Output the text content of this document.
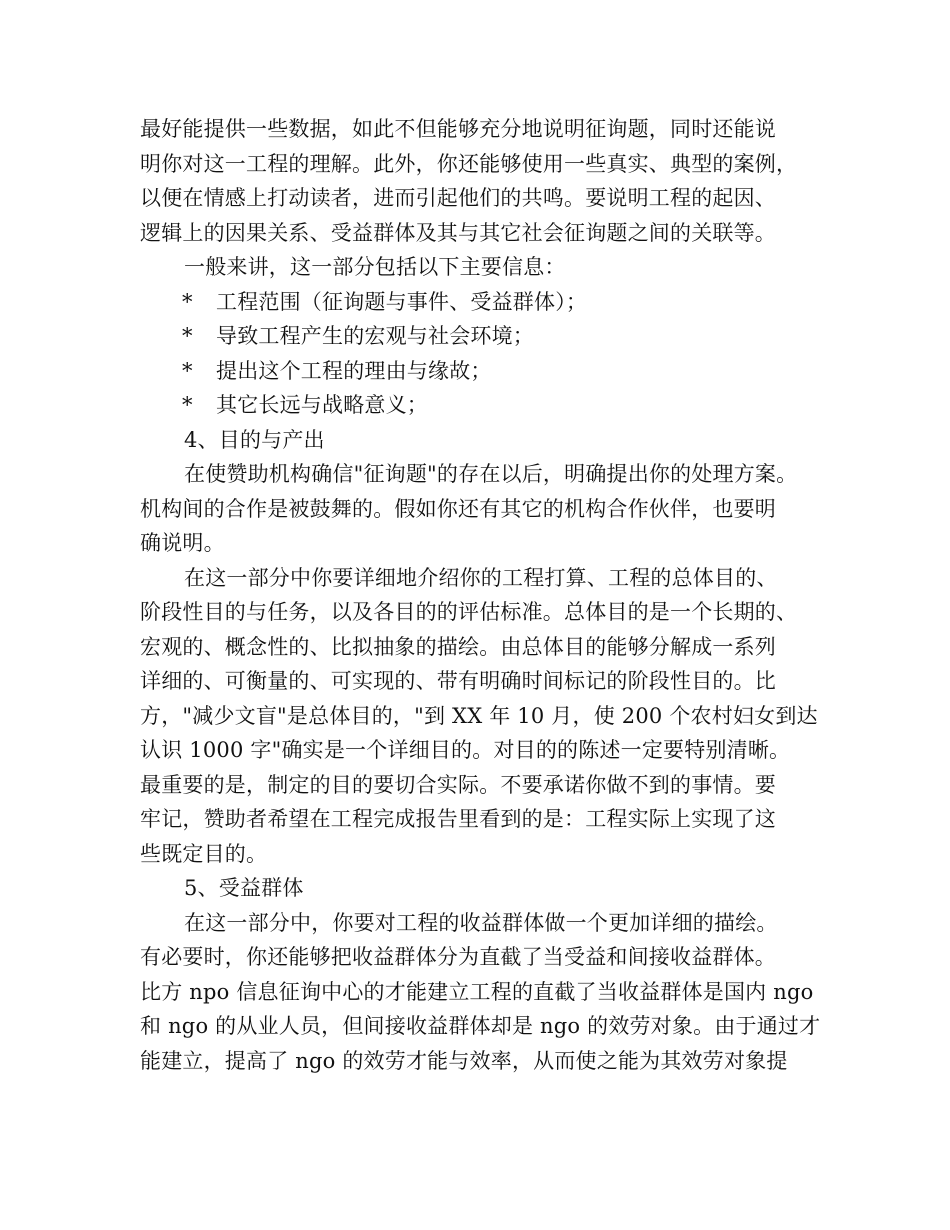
最好能提供一些数据，如此不但能够充分地说明征询题，同时还能说
明你对这一工程的理解。此外，你还能够使用一些真实、典型的案例，
以便在情感上打动读者，进而引起他们的共鸣。要说明工程的起因、
逻辑上的因果关系、受益群体及其与其它社会征询题之间的关联等。
一般来讲，这一部分包括以下主要信息：
* 工程范围（征询题与事件、受益群体）；
* 导致工程产生的宏观与社会环境；
* 提出这个工程的理由与缘故；
* 其它长远与战略意义；
4、目的与产出
在使赞助机构确信"征询题"的存在以后，明确提出你的处理方案。
机构间的合作是被鼓舞的。假如你还有其它的机构合作伙伴，也要明
确说明。
在这一部分中你要详细地介绍你的工程打算、工程的总体目的、
阶段性目的与任务，以及各目的的评估标准。总体目的是一个长期的、
宏观的、概念性的、比拟抽象的描绘。由总体目的能够分解成一系列
详细的、可衡量的、可实现的、带有明确时间标记的阶段性目的。比
方，"减少文盲"是总体目的，"到 XX 年 10 月，使 200 个农村妇女到达
认识 1000 字"确实是一个详细目的。对目的的陈述一定要特别清晰。
最重要的是，制定的目的要切合实际。不要承诺你做不到的事情。要
牢记，赞助者希望在工程完成报告里看到的是：工程实际上实现了这
些既定目的。
5、受益群体
在这一部分中，你要对工程的收益群体做一个更加详细的描绘。
有必要时，你还能够把收益群体分为直截了当受益和间接收益群体。
比方 npo 信息征询中心的才能建立工程的直截了当收益群体是国内 ngo
和 ngo 的从业人员，但间接收益群体却是 ngo 的效劳对象。由于通过才
能建立，提高了 ngo 的效劳才能与效率，从而使之能为其效劳对象提
